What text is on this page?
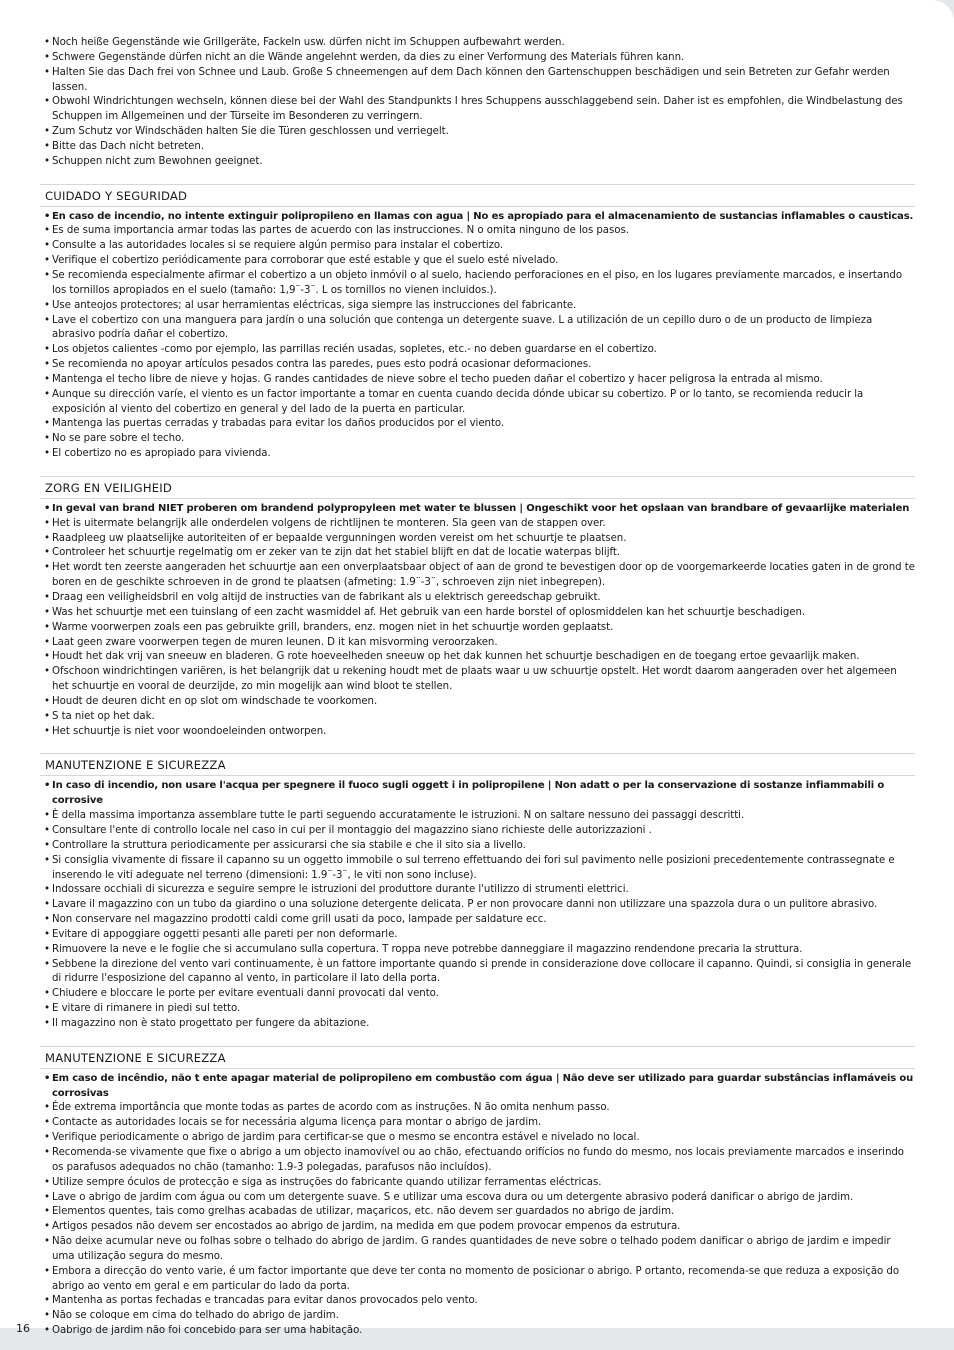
• Noch heiße Gegenstände wie Grillgeräte, Fackeln usw. dürfen nicht im Schuppen aufbewahrt werden.
• Schwere Gegenstände dürfen nicht an die Wände angelehnt werden, da dies zu einer Verformung des Materials führen kann.
• Halten Sie das Dach frei von Schnee und Laub. Große S chneemengen auf dem Dach können den Gartenschuppen beschädigen und sein Betreten zur Gefahr werden lassen.
• Obwohl Windrichtungen wechseln, können diese bei der Wahl des Standpunkts I hres Schuppens ausschlaggebend sein. Daher ist es empfohlen, die Windbelastung des Schuppen im Allgemeinen und der Türseite im Besonderen zu verringern.
• Zum Schutz vor Windschäden halten Sie die Türen geschlossen und verriegelt.
• Bitte das Dach nicht betreten.
• Schuppen nicht zum Bewohnen geeignet.
CUIDADO Y SEGURIDAD
• En caso de incendio, no intente extinguir polipropileno en llamas con agua | No es apropiado para el almacenamiento de sustancias inflamables o causticas.
• Es de suma importancia armar todas las partes de acuerdo con las instrucciones. N o omita ninguno de los pasos.
• Consulte a las autoridades locales si se requiere algún permiso para instalar el cobertizo.
• Verifique el cobertizo periódicamente para corroborar que esté estable y que el suelo esté nivelado.
• Se recomienda especialmente afirmar el cobertizo a un objeto inmóvil o al suelo, haciendo perforaciones en el piso, en los lugares previamente marcados, e insertando los tornillos apropiados en el suelo (tamaño: 1,9¨-3¨. L os tornillos no vienen incluidos.).
• Use anteojos protectores; al usar herramientas eléctricas, siga siempre las instrucciones del fabricante.
• Lave el cobertizo con una manguera para jardín o una solución que contenga un detergente suave. L a utilización de un cepillo duro o de un producto de limpieza abrasivo podría dañar el cobertizo.
• Los objetos calientes -como por ejemplo, las parrillas recién usadas, sopletes, etc.- no deben guardarse en el cobertizo.
• Se recomienda no apoyar artículos pesados contra las paredes, pues esto podrá ocasionar deformaciones.
• Mantenga el techo libre de nieve y hojas. G randes cantidades de nieve sobre el techo pueden dañar el cobertizo y hacer peligrosa la entrada al mismo.
• Aunque su dirección varíe, el viento es un factor importante a tomar en cuenta cuando decida dónde ubicar su cobertizo. P or lo tanto, se recomienda reducir la exposición al viento del cobertizo en general y del lado de la puerta en particular.
• Mantenga las puertas cerradas y trabadas para evitar los daños producidos por el viento.
• No se pare sobre el techo.
• El cobertizo no es apropiado para vivienda.
ZORG EN VEILIGHEID
• In geval van brand NIET proberen om brandend polypropyleen met water te blussen | Ongeschikt voor het opslaan van brandbare of gevaarlijke materialen
• Het is uitermate belangrijk alle onderdelen volgens de richtlijnen te monteren. Sla geen van de stappen over.
• Raadpleeg uw plaatselijke autoriteiten of er bepaalde vergunningen worden vereist om het schuurtje te plaatsen.
• Controleer het schuurtje regelmatig om er zeker van te zijn dat het stabiel blijft en dat de locatie waterpas blijft.
• Het wordt ten zeerste aangeraden het schuurtje aan een onverplaatsbaar object of aan de grond te bevestigen door op de voorgemarkeerde locaties gaten in de grond te boren en de geschikte schroeven in de grond te plaatsen (afmeting: 1.9¨-3¨, schroeven zijn niet inbegrepen).
• Draag een veiligheidsbril en volg altijd de instructies van de fabrikant als u elektrisch gereedschap gebruikt.
• Was het schuurtje met een tuinslang of een zacht wasmiddel af. Het gebruik van een harde borstel of oplosmiddelen kan het schuurtje beschadigen.
• Warme voorwerpen zoals een pas gebruikte grill, branders, enz. mogen niet in het schuurtje worden geplaatst.
• Laat geen zware voorwerpen tegen de muren leunen. D it kan misvorming veroorzaken.
• Houdt het dak vrij van sneeuw en bladeren. G rote hoeveelheden sneeuw op het dak kunnen het schuurtje beschadigen en de toegang ertoe gevaarlijk maken.
• Ofschoon windrichtingen variëren, is het belangrijk dat u rekening houdt met de plaats waar u uw schuurtje opstelt. Het wordt daarom aangeraden over het algemeen het schuurtje en vooral de deurzijde, zo min mogelijk aan wind bloot te stellen.
• Houdt de deuren dicht en op slot om windschade te voorkomen.
• S ta niet op het dak.
• Het schuurtje is niet voor woondoeleinden ontworpen.
MANUTENZIONE E SICUREZZA
• In caso di incendio, non usare l'acqua per spegnere il fuoco sugli oggett i in polipropilene | Non adatt o per la conservazione di sostanze infiammabili o corrosive
• È della massima importanza assemblare tutte le parti seguendo accuratamente le istruzioni. N on saltare nessuno dei passaggi descritti.
• Consultare l'ente di controllo locale nel caso in cui per il montaggio del magazzino siano richieste delle autorizzazioni .
• Controllare la struttura periodicamente per assicurarsi che sia stabile e che il sito sia a livello.
• Si consiglia vivamente di fissare il capanno su un oggetto immobile o sul terreno effettuando dei fori sul pavimento nelle posizioni precedentemente contrassegnate e inserendo le viti adeguate nel terreno (dimensioni: 1.9¨-3¨, le viti non sono incluse).
• Indossare occhiali di sicurezza e seguire sempre le istruzioni del produttore durante l'utilizzo di strumenti elettrici.
• Lavare il magazzino con un tubo da giardino o una soluzione detergente delicata. P er non provocare danni non utilizzare una spazzola dura o un pulitore abrasivo.
• Non conservare nel magazzino prodotti caldi come grill usati da poco, lampade per saldature ecc.
• Evitare di appoggiare oggetti pesanti alle pareti per non deformarle.
• Rimuovere la neve e le foglie che si accumulano sulla copertura. T roppa neve potrebbe danneggiare il magazzino rendendone precaria la struttura.
• Sebbene la direzione del vento vari continuamente, è un fattore importante quando si prende in considerazione dove collocare il capanno. Quindi, si consiglia in generale di ridurre l'esposizione del capanno al vento, in particolare il lato della porta.
• Chiudere e bloccare le porte per evitare eventuali danni provocati dal vento.
• E vitare di rimanere in piedi sul tetto.
• Il magazzino non è stato progettato per fungere da abitazione.
MANUTENZIONE E SICUREZZA
• Em caso de incêndio, não t ente apagar material de polipropileno em combustão com água | Não deve ser utilizado para guardar substâncias inflamáveis ou corrosivas
• Éde extrema importância que monte todas as partes de acordo com as instruções. N ão omita nenhum passo.
• Contacte as autoridades locais se for necessária alguma licença para montar o abrigo de jardim.
• Verifique periodicamente o abrigo de jardim para certificar-se que o mesmo se encontra estável e nivelado no local.
• Recomenda-se vivamente que fixe o abrigo a um objecto inamovível ou ao chão, efectuando orifícios no fundo do mesmo, nos locais previamente marcados e inserindo os parafusos adequados no chão (tamanho: 1.9-3 polegadas, parafusos não incluídos).
• Utilize sempre óculos de protecção e siga as instruções do fabricante quando utilizar ferramentas eléctricas.
• Lave o abrigo de jardim com água ou com um detergente suave. S e utilizar uma escova dura ou um detergente abrasivo poderá danificar o abrigo de jardim.
• Elementos quentes, tais como grelhas acabadas de utilizar, maçaricos, etc. não devem ser guardados no abrigo de jardim.
• Artigos pesados não devem ser encostados ao abrigo de jardim, na medida em que podem provocar empenos da estrutura.
• Não deixe acumular neve ou folhas sobre o telhado do abrigo de jardim. G randes quantidades de neve sobre o telhado podem danificar o abrigo de jardim e impedir uma utilização segura do mesmo.
• Embora a direcção do vento varie, é um factor importante que deve ter conta no momento de posicionar o abrigo. P ortanto, recomenda-se que reduza a exposição do abrigo ao vento em geral e em particular do lado da porta.
• Mantenha as portas fechadas e trancadas para evitar danos provocados pelo vento.
• Não se coloque em cima do telhado do abrigo de jardim.
• Oabrigo de jardim não foi concebido para ser uma habitação.
16
